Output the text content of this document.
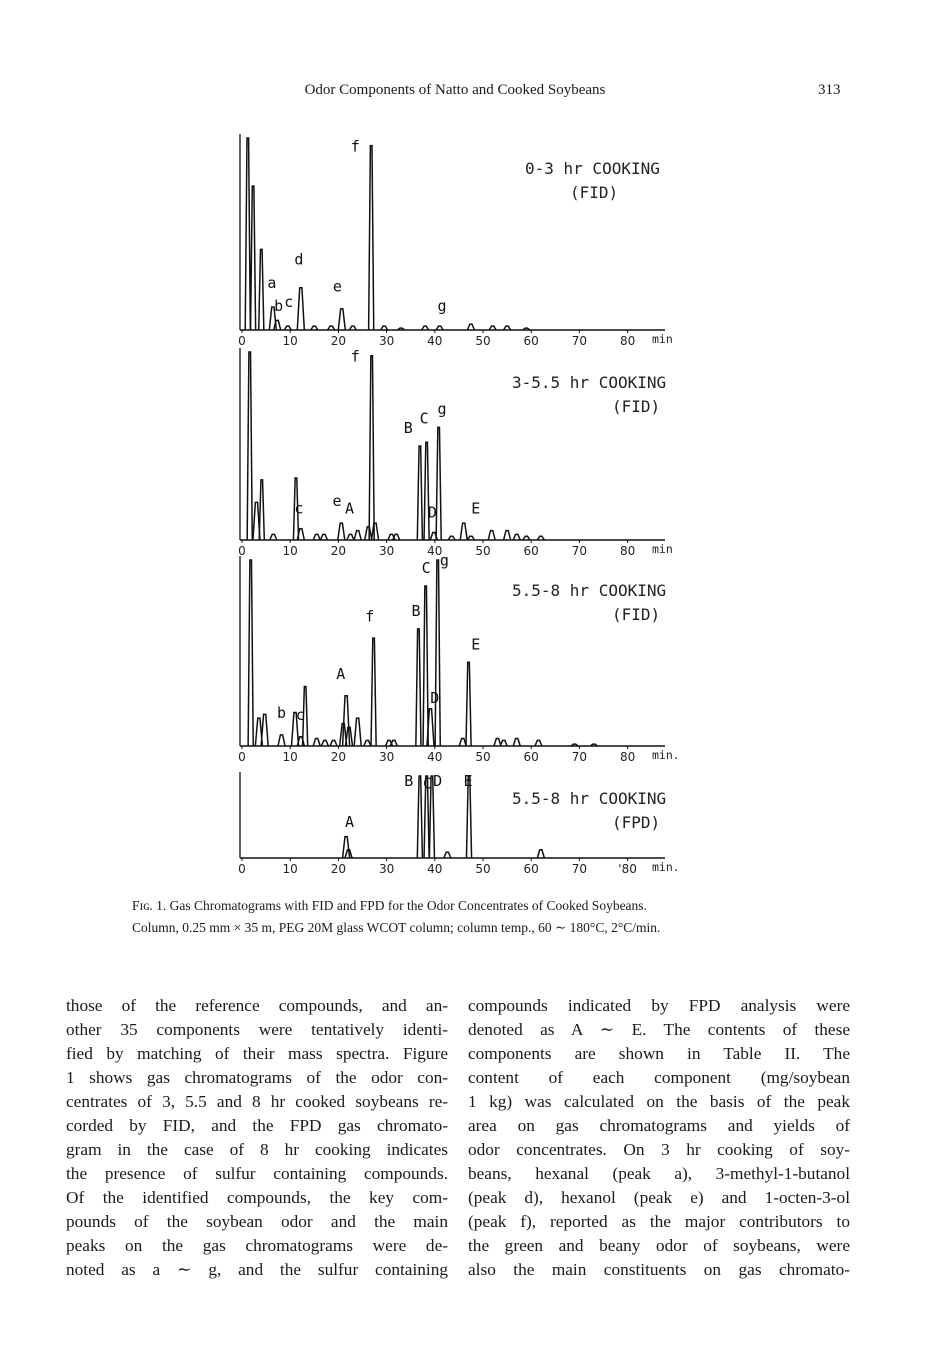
Odor Components of Natto and Cooked Soybeans	313
0	10	20	30	40	50	60	70	80 min
0-3 hr COOKING
(FID)
a
b c
d
e
f
g
0	10	20	30	40	50	60	70	80 min
3-5.5 hr COOKING
(FID)
c e A
f
B
C
g
D E
0	10	20	30	40	50	60	70	80 min.
5.5-8 hr COOKING
(FID)
b c
A
f B
C g
D
E
0	10	20	30	40	50	60	70	'80 min.
5.5-8 hr COOKING
(FPD)
A
B C D E
Fɪɢ. 1. Gas Chromatograms with FID and FPD for the Odor Concentrates of Cooked Soybeans.
Column, 0.25 mm × 35 m, PEG 20M glass WCOT column; column temp., 60 ∼ 180°C, 2°C/min.
those of the reference compounds, and an-
other 35 components were tentatively identi-
fied by matching of their mass spectra. Figure
1 shows gas chromatograms of the odor con-
centrates of 3, 5.5 and 8 hr cooked soybeans re-
corded by FID, and the FPD gas chromato-
gram in the case of 8 hr cooking indicates
the presence of sulfur containing compounds.
Of the identified compounds, the key com-
pounds of the soybean odor and the main
peaks on the gas chromatograms were de-
noted as a ∼ g, and the sulfur containing
compounds indicated by FPD analysis were
denoted as A ∼ E. The contents of these
components are shown in Table II. The
content of each component (mg/soybean
1 kg) was calculated on the basis of the peak
area on gas chromatograms and yields of
odor concentrates. On 3 hr cooking of soy-
beans, hexanal (peak a), 3-methyl-1-butanol
(peak d), hexanol (peak e) and 1-octen-3-ol
(peak f), reported as the major contributors to
the green and beany odor of soybeans, were
also the main constituents on gas chromato-
